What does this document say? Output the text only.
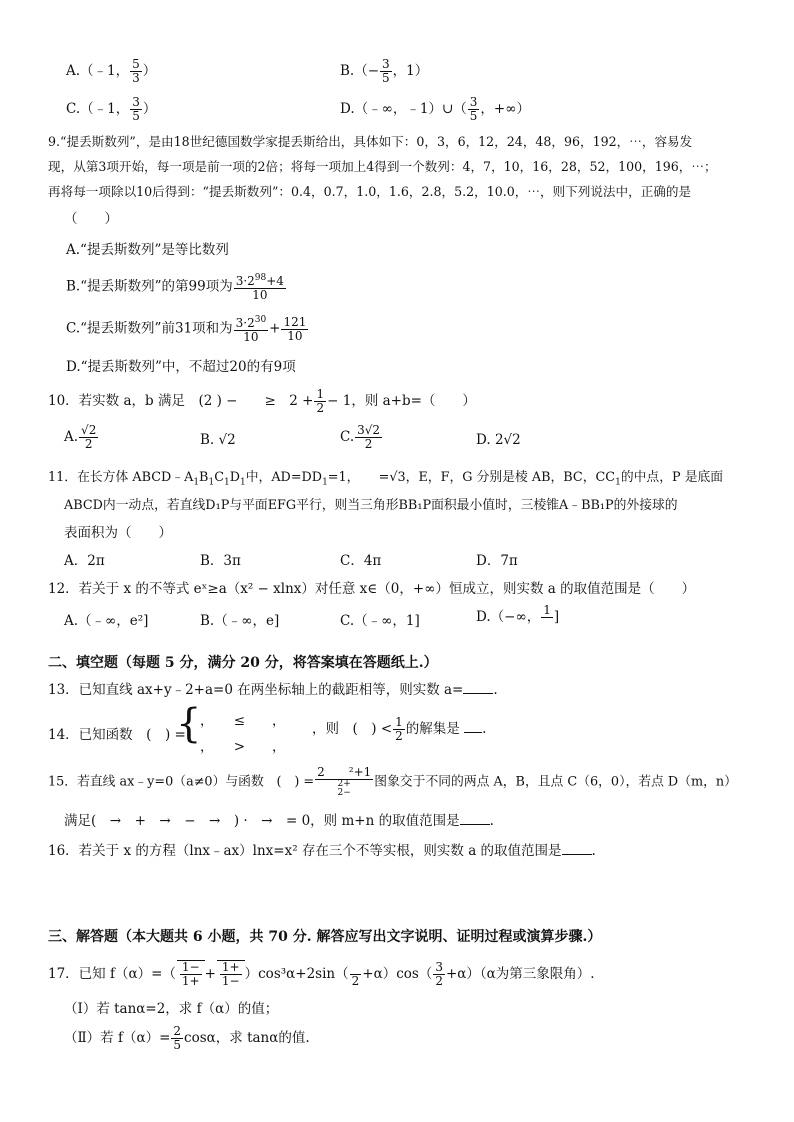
A.（﹣1， $\frac{5}{3}$ ）	$B.(- \frac{3}{5}$ ，1）
C.（﹣1， $\frac{3}{5}$ ）	D.（﹣∞，﹣1）∪（ $\frac{3}{5}$ ，+∞）
9.“提丢斯数列”，是由18世纪德国数学家提丢斯给出，具体如下：0，3，6，12，24，48，96，192，⋯，容易发
现，从第3项开始，每一项是前一项的2倍；将每一项加上4得到一个数列：4，7，10，16，28，52，100，196，⋯；
再将每一项除以10后得到：“提丢斯数列”：0.4，0.7，1.0，1.6，2.8，5.2，10.0，⋯，则下列说法中，正确的是
（　　）
A.“提丢斯数列”是等比数列
B.“提丢斯数列”的第99项为 $\frac{3\cdot 2^{98}+4}{10}$
C.“提丢斯数列”前31项和为 $\frac{3\cdot 2^{30}}{10} + \frac{121}{10}$
D.“提丢斯数列”中，不超过20的有9项
10．若实数 a，b 满足　(2 ) −　　≥　$2 + \frac{1}{2} - 1$，则 a+b=（　　）
A. $\frac{√2}{2}$	B. √2	C. $\frac{3√2}{2}$	D. 2√2
11．在长方体 $ABCD﹣A_1B_1C_1D_1$中，$AD=DD_1=1$，　　=√3，E，F，G 分别是棱 AB，BC，$CC_1$的中点，P 是底面
ABCD内一动点，若直线D₁P与平面EFG平行，则当三角形BB₁P面积最小值时，三棱锥A﹣BB₁P的外接球的
表面积为（　　）
A．2π	B．3π	C．4π	D．7π
12．若关于 x 的不等式 eˣ≥a（x² − xlnx）对任意 x∈（0，+∞）恒成立，则实数 a 的取值范围是（　　）
A.（﹣∞，e²]	B.（﹣∞，e]	C.（﹣∞，1]	D.（−∞， 1
]
二、填空题（每题 5 分，满分 20 分，将答案填在答题纸上.）
13．已知直线 ax+y﹣2+a=0 在两坐标轴上的截距相等，则实数 a= .
14．已知函数　(　) =
{
，　　≤　　，
，　　>　　，
，则　(　) < $\frac{1}{2}$ 的解集是 .
15．若直线 ax﹣y=0（a≠0）与函数　(　) =
2　　²+1
2+
2−
图象交于不同的两点 A，B，且点 C（6，0），若点 D（m，n）
满足(　→　+　→　−　→　) ·　→　= 0，则 m+n 的取值范围是 .
16．若关于 x 的方程（lnx﹣ax）lnx=x² 存在三个不等实根，则实数 a 的取值范围是 .
三、解答题（本大题共 6 小题，共 70 分. 解答应写出文字说明、证明过程或演算步骤.）
17．已知 $f(\alpha)=( \frac{1-}{1+} + \frac{1+}{1-} )\cos^3\alpha+2\sin$（
$2 +\alpha)\cos( \frac{3}{2} +\alpha)(\alpha$为第三象限角）.
（Ⅰ）若 tanα=2，求 f（α）的值；
（Ⅱ）若 $f(\alpha)= \frac{2}{5}$ cosα，求 tanα的值.
